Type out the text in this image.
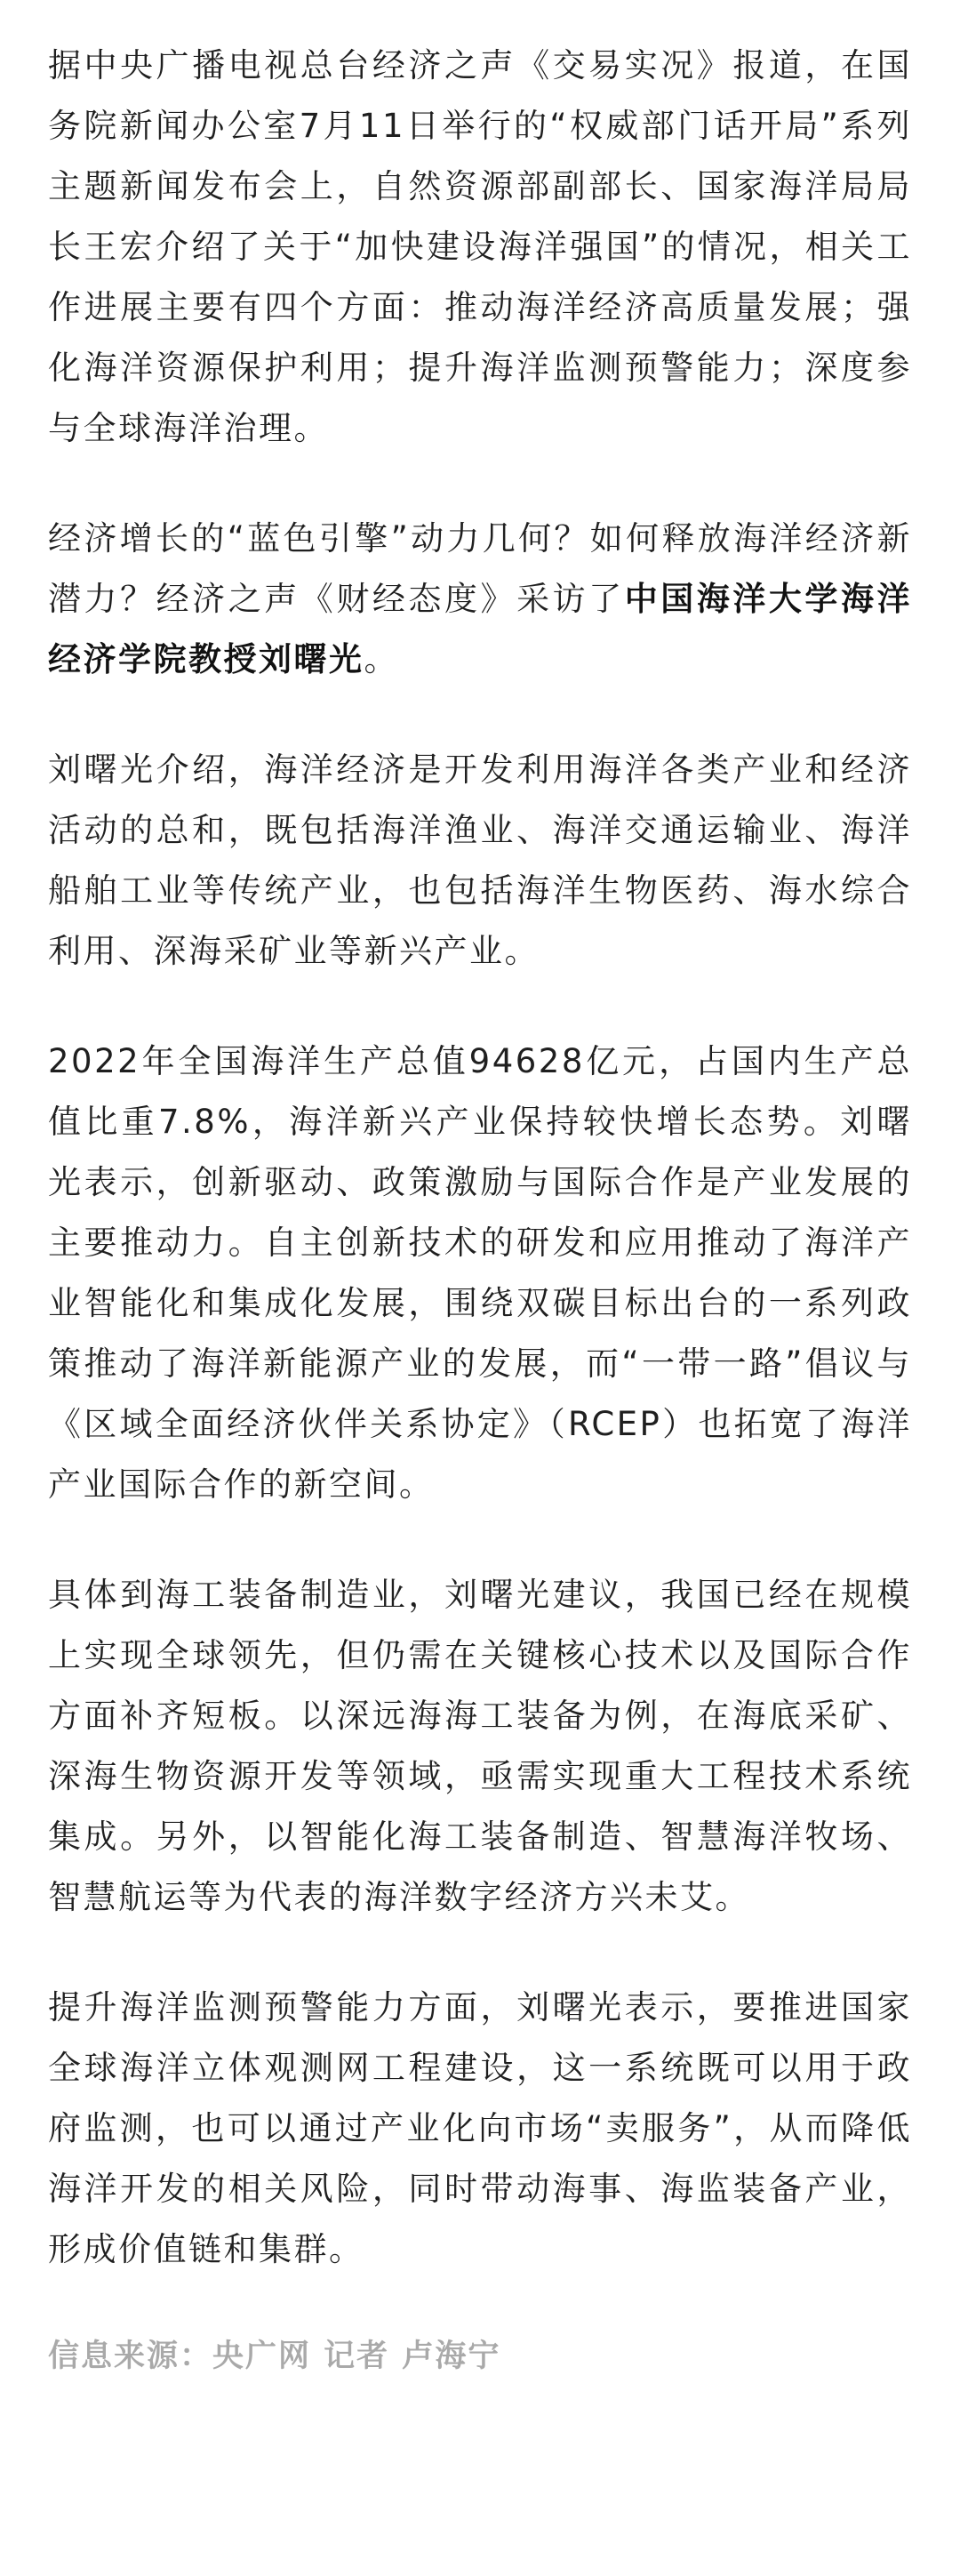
据中央广播电视总台经济之声《交易实况》报道，在国务院新闻办公室7月11日举行的“权威部门话开局”系列主题新闻发布会上，自然资源部副部长、国家海洋局局长王宏介绍了关于“加快建设海洋强国”的情况，相关工作进展主要有四个方面：推动海洋经济高质量发展；强化海洋资源保护利用；提升海洋监测预警能力；深度参与全球海洋治理。

经济增长的“蓝色引擎”动力几何？如何释放海洋经济新潜力？经济之声《财经态度》采访了中国海洋大学海洋经济学院教授刘曙光。

刘曙光介绍，海洋经济是开发利用海洋各类产业和经济活动的总和，既包括海洋渔业、海洋交通运输业、海洋船舶工业等传统产业，也包括海洋生物医药、海水综合利用、深海采矿业等新兴产业。

2022年全国海洋生产总值94628亿元，占国内生产总值比重7.8%，海洋新兴产业保持较快增长态势。刘曙光表示，创新驱动、政策激励与国际合作是产业发展的主要推动力。自主创新技术的研发和应用推动了海洋产业智能化和集成化发展，围绕双碳目标出台的一系列政策推动了海洋新能源产业的发展，而“一带一路”倡议与《区域全面经济伙伴关系协定》（RCEP）也拓宽了海洋产业国际合作的新空间。

具体到海工装备制造业，刘曙光建议，我国已经在规模上实现全球领先，但仍需在关键核心技术以及国际合作方面补齐短板。以深远海海工装备为例，在海底采矿、深海生物资源开发等领域，亟需实现重大工程技术系统集成。另外，以智能化海工装备制造、智慧海洋牧场、智慧航运等为代表的海洋数字经济方兴未艾。

提升海洋监测预警能力方面，刘曙光表示，要推进国家全球海洋立体观测网工程建设，这一系统既可以用于政府监测，也可以通过产业化向市场“卖服务”，从而降低海洋开发的相关风险，同时带动海事、海监装备产业，形成价值链和集群。

信息来源：央广网 记者 卢海宁
